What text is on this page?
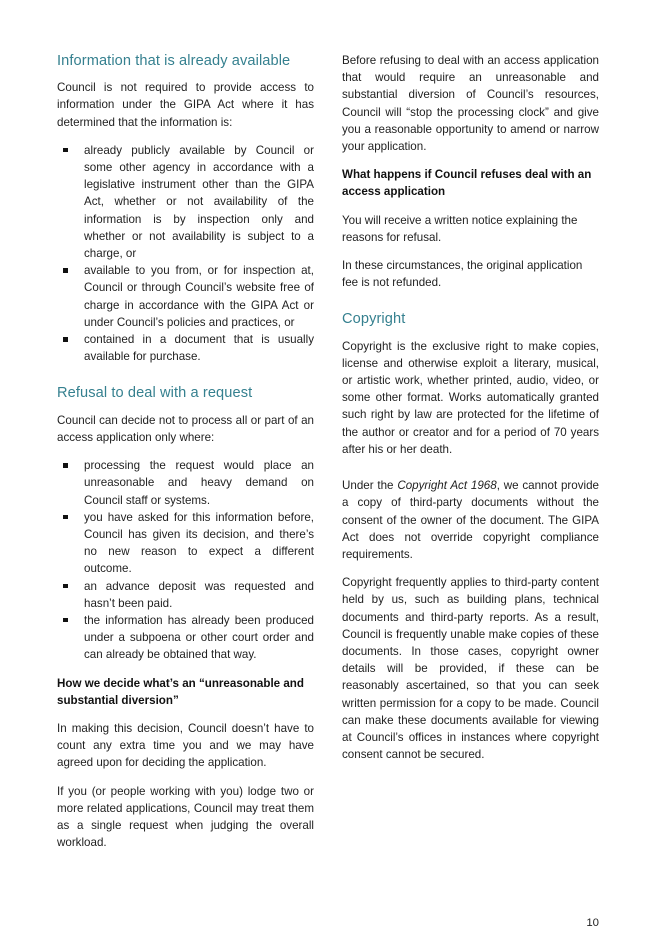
Information that is already available

Council is not required to provide access to information under the GIPA Act where it has determined that the information is:

already publicly available by Council or some other agency in accordance with a legislative instrument other than the GIPA Act, whether or not availability of the information is by inspection only and whether or not availability is subject to a charge, or
available to you from, or for inspection at, Council or through Council’s website free of charge in accordance with the GIPA Act or under Council’s policies and practices, or
contained in a document that is usually available for purchase.
Refusal to deal with a request

Council can decide not to process all or part of an access application only where:

processing the request would place an unreasonable and heavy demand on Council staff or systems.
you have asked for this information before, Council has given its decision, and there’s no new reason to expect a different outcome.
an advance deposit was requested and hasn’t been paid.
the information has already been produced under a subpoena or other court order and can already be obtained that way.

How we decide what’s an “unreasonable and substantial diversion”

In making this decision, Council doesn’t have to count any extra time you and we may have agreed upon for deciding the application.

If you (or people working with you) lodge two or more related applications, Council may treat them as a single request when judging the overall workload.

Before refusing to deal with an access application that would require an unreasonable and substantial diversion of Council’s resources, Council will “stop the processing clock” and give you a reasonable opportunity to amend or narrow your application.

What happens if Council refuses deal with an access application

You will receive a written notice explaining the reasons for refusal.

In these circumstances, the original application fee is not refunded.

Copyright

Copyright is the exclusive right to make copies, license and otherwise exploit a literary, musical, or artistic work, whether printed, audio, video, or some other format. Works automatically granted such right by law are protected for the lifetime of the author or creator and for a period of 70 years after his or her death.

Under the Copyright Act 1968, we cannot provide a copy of third-party documents without the consent of the owner of the document. The GIPA Act does not override copyright compliance requirements.

Copyright frequently applies to third-party content held by us, such as building plans, technical documents and third-party reports. As a result, Council is frequently unable make copies of these documents. In those cases, copyright owner details will be provided, if these can be reasonably ascertained, so that you can seek written permission for a copy to be made. Council can make these documents available for viewing at Council’s offices in instances where copyright consent cannot be secured.

10
